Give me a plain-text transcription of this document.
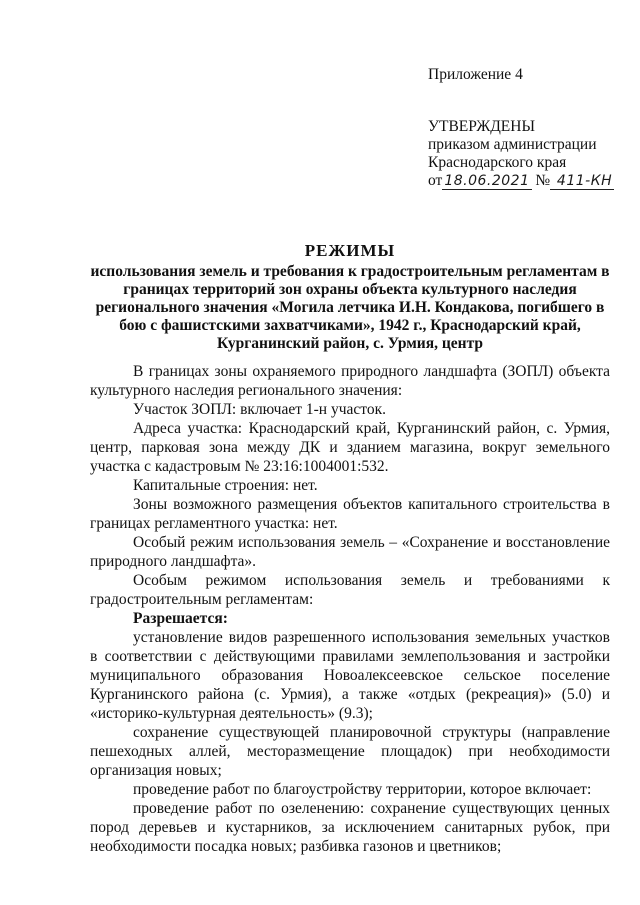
Приложение 4
УТВЕРЖДЕНЫ
приказом администрации
Краснодарского края
от 18.06.2021 № 411-КН
РЕЖИМЫ
использования земель и требования к градостроительным регламентам в границах территорий зон охраны объекта культурного наследия регионального значения «Могила летчика И.Н. Кондакова, погибшего в бою с фашистскими захватчиками», 1942 г., Краснодарский край, Курганинский район, с. Урмия, центр

В границах зоны охраняемого природного ландшафта (ЗОПЛ) объекта культурного наследия регионального значения:

Участок ЗОПЛ: включает 1-н участок.

Адреса участка: Краснодарский край, Курганинский район, с. Урмия, центр, парковая зона между ДК и зданием магазина, вокруг земельного участка с кадастровым № 23:16:1004001:532.

Капитальные строения: нет.

Зоны возможного размещения объектов капитального строительства в границах регламентного участка: нет.

Особый режим использования земель – «Сохранение и восстановление природного ландшафта».

Особым режимом использования земель и требованиями к градостроительным регламентам:

Разрешается:

установление видов разрешенного использования земельных участков в соответствии с действующими правилами землепользования и застройки муниципального образования Новоалексеевское сельское поселение Курганинского района (с. Урмия), а также «отдых (рекреация)» (5.0) и «историко-культурная деятельность» (9.3);

сохранение существующей планировочной структуры (направление пешеходных аллей, месторазмещение площадок) при необходимости организация новых;

проведение работ по благоустройству территории, которое включает:

проведение работ по озеленению: сохранение существующих ценных пород деревьев и кустарников, за исключением санитарных рубок, при необходимости посадка новых; разбивка газонов и цветников;
